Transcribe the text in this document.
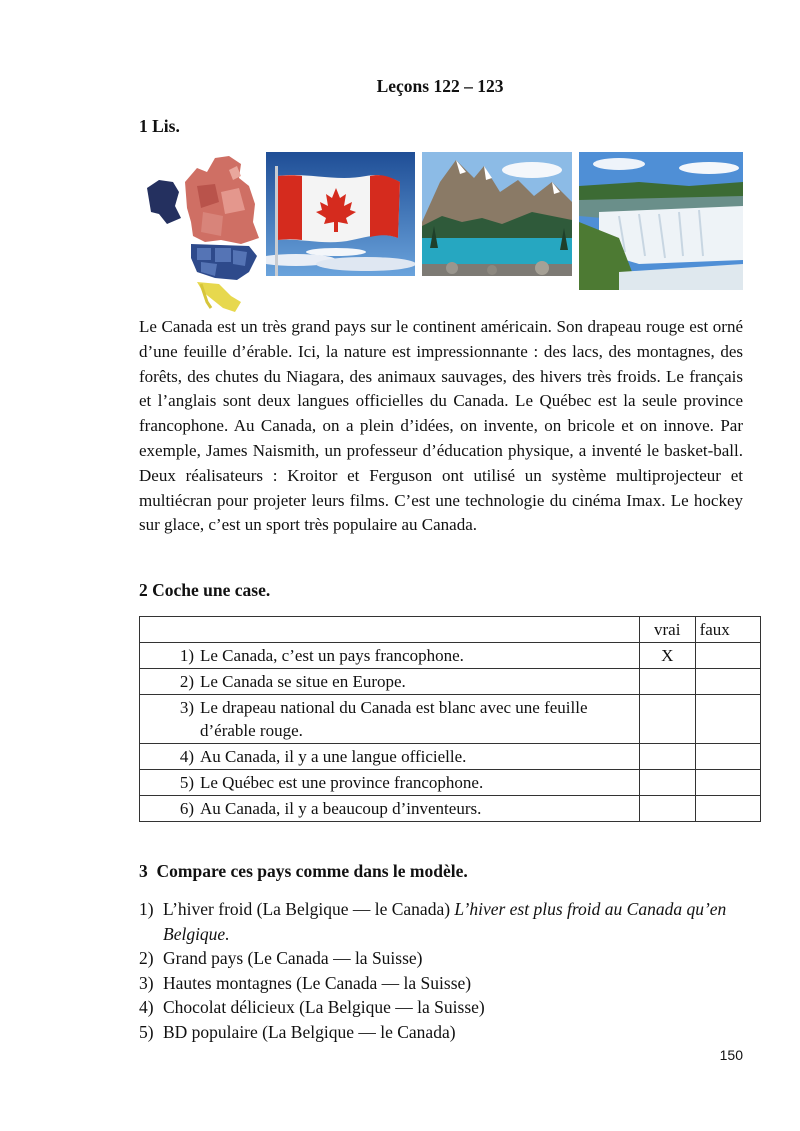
Leçons 122 – 123
1 Lis.

Le Canada est un très grand pays sur le continent américain. Son drapeau rouge est orné d’une feuille d’érable. Ici, la nature est impressionnante : des lacs, des montagnes, des forêts, des chutes du Niagara, des animaux sauvages, des hivers très froids. Le français et l’anglais sont deux langues officielles du Canada. Le Québec est la seule province francophone. Au Canada, on a plein d’idées, on invente, on bricole et on innove. Par exemple, James Naismith, un professeur d’éducation physique, a inventé le basket-ball. Deux réalisateurs : Kroitor et Ferguson ont utilisé un système multiprojecteur et multiécran pour projeter leurs films. C’est une technologie du cinéma Imax. Le hockey sur glace, c’est un sport très populaire au Canada.

2 Coche une case.
	vrai	faux
1) Le Canada, c’est un pays francophone.	X	
2) Le Canada se situe en Europe.		
3) Le drapeau national du Canada est blanc avec une feuille
d’érable rouge.		

4) Au Canada, il y a une langue officielle.		
5) Le Québec est une province francophone.		
6) Au Canada, il y a beaucoup d’inventeurs.		
3  Compare ces pays comme dans le modèle.
1) L’hiver froid (La Belgique — le Canada) L’hiver est plus froid au Canada qu’en Belgique.
2) Grand pays (Le Canada — la Suisse)
3) Hautes montagnes (Le Canada — la Suisse)
4) Chocolat délicieux (La Belgique — la Suisse)
5) BD populaire (La Belgique — le Canada)
150
